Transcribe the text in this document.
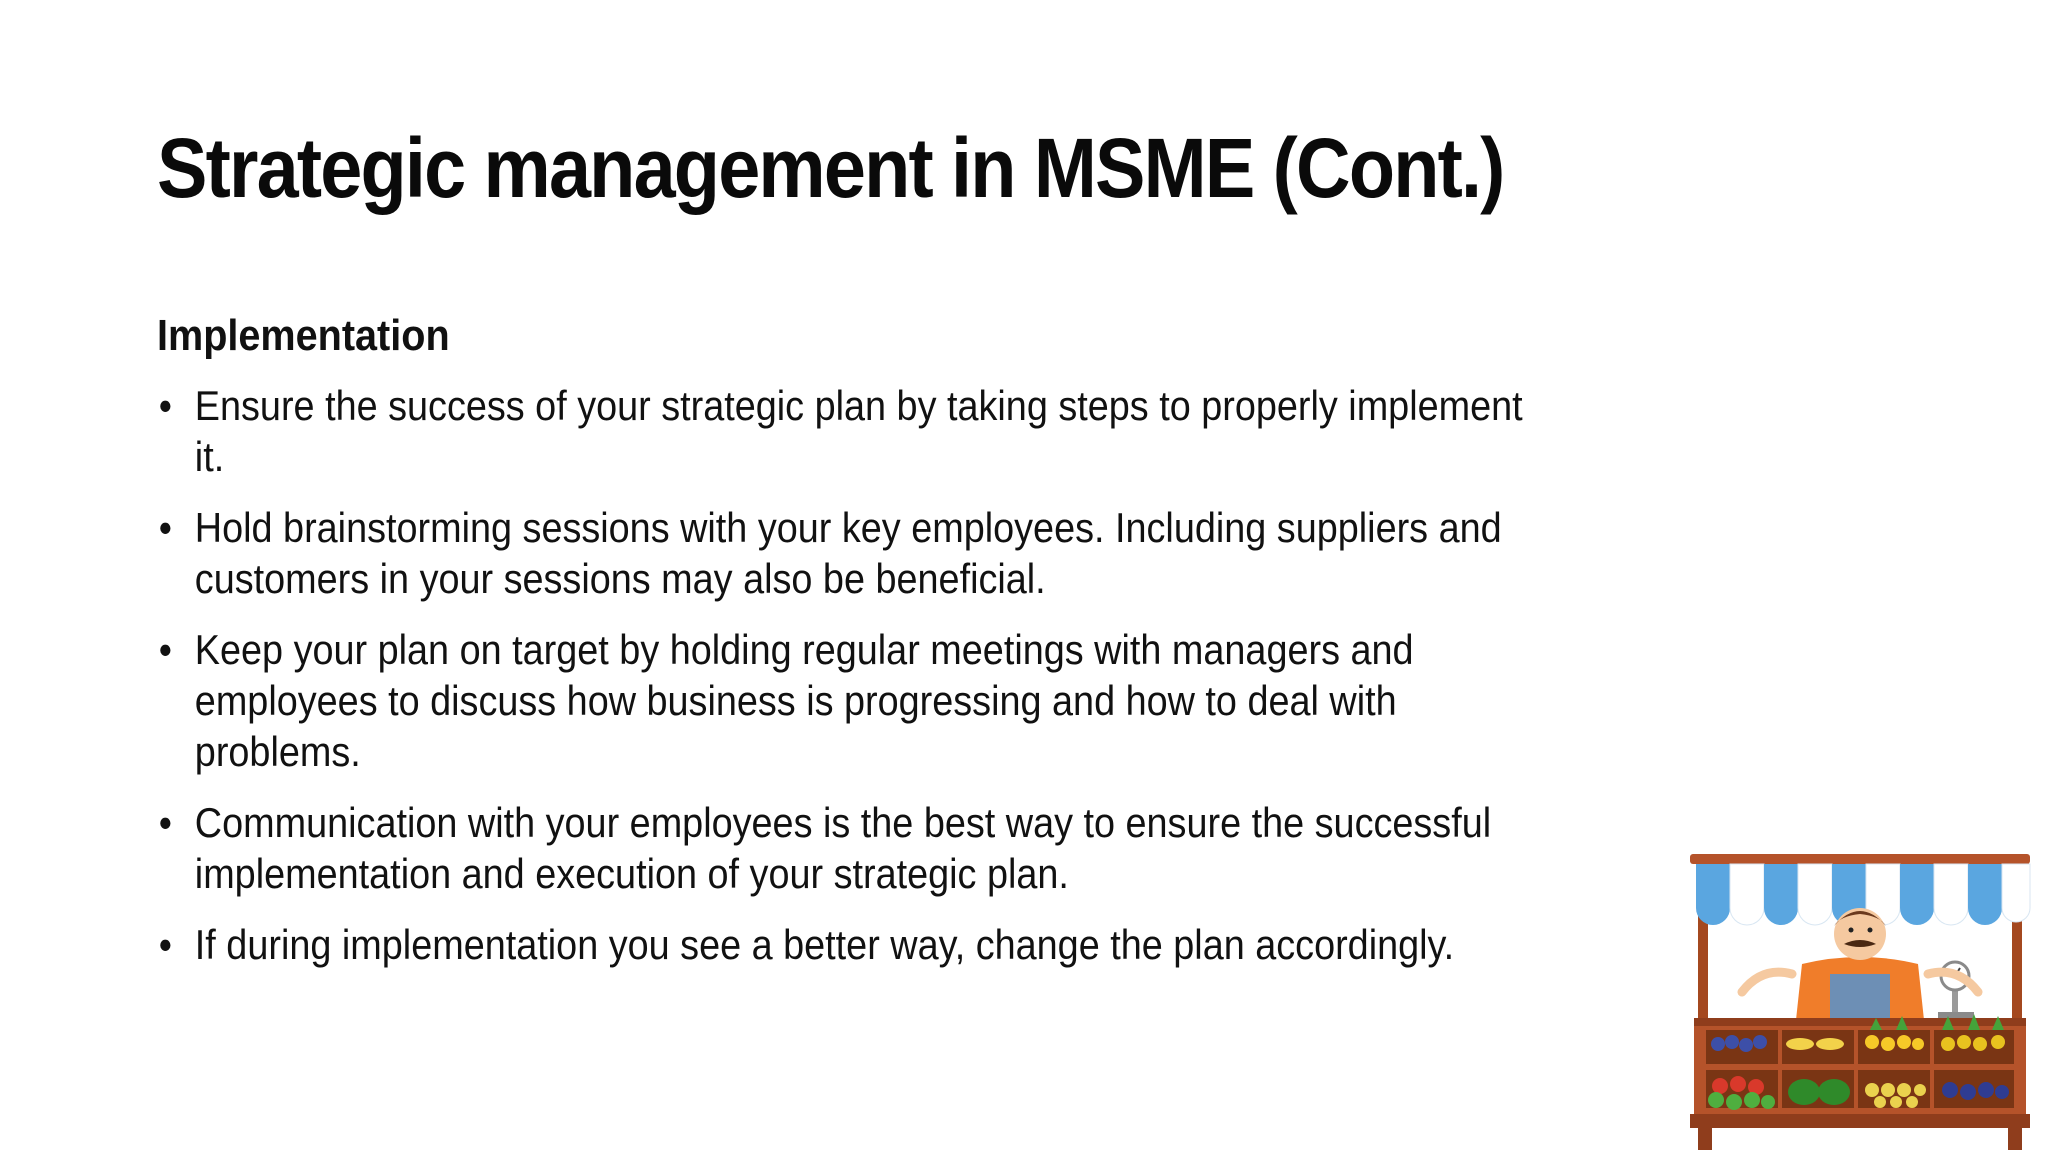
Strategic management in MSME (Cont.)
Implementation
• Ensure the success of your strategic plan by taking steps to properly implement it.
• Hold brainstorming sessions with your key employees. Including suppliers and customers in your sessions may also be beneficial.
• Keep your plan on target by holding regular meetings with managers and employees to discuss how business is progressing and how to deal with problems.
• Communication with your employees is the best way to ensure the successful implementation and execution of your strategic plan.
• If during implementation you see a better way, change the plan accordingly.
